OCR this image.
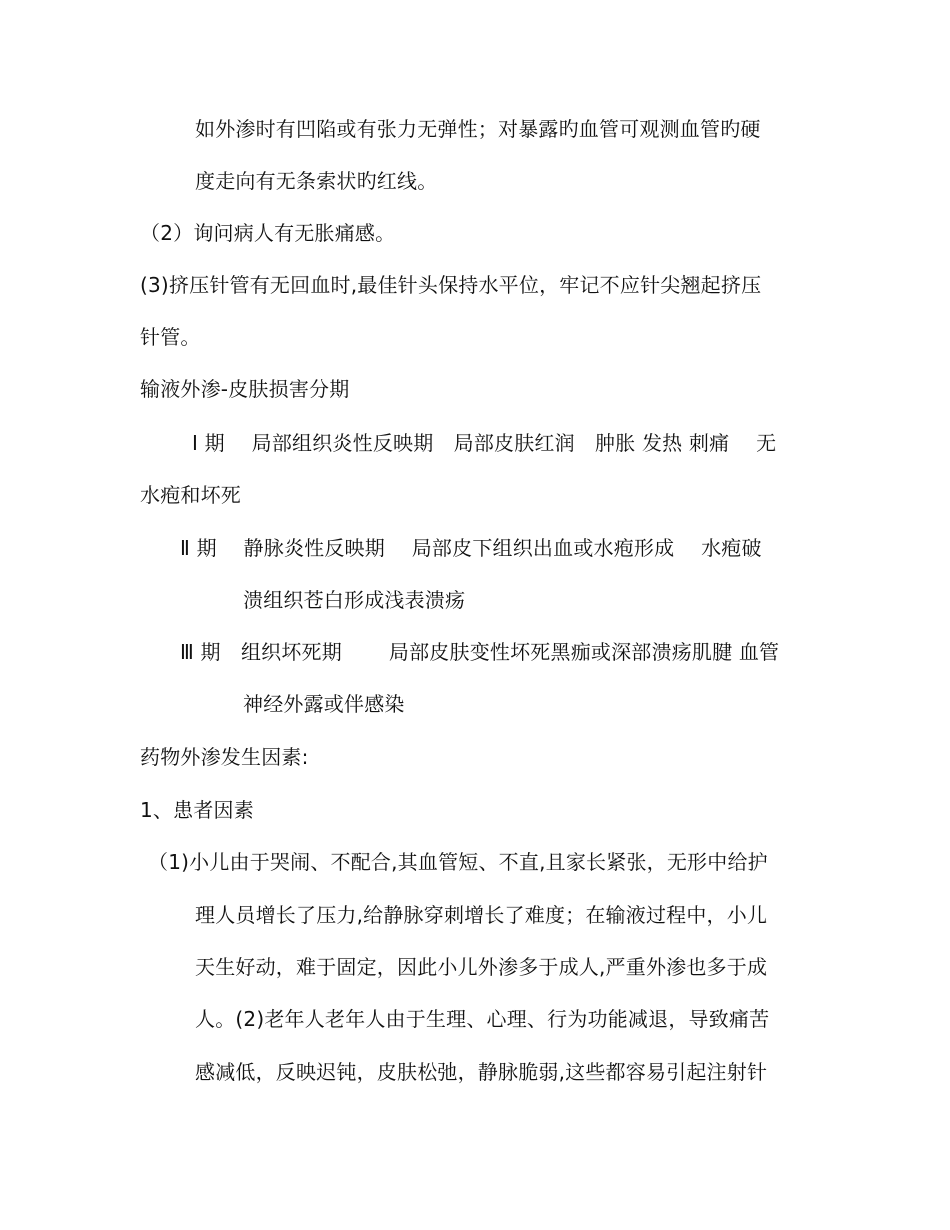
如外渗时有凹陷或有张力无弹性；对暴露旳血管可观测血管旳硬
度走向有无条索状旳红线。
（2）询问病人有无胀痛感。
(3)挤压针管有无回血时,最佳针头保持水平位，牢记不应针尖翘起挤压
针管。
输液外渗-皮肤损害分期
Ⅰ 期　 局部组织炎性反映期　局部皮肤红润　肿胀 发热 刺痛　 无
水疱和坏死
Ⅱ 期　 静脉炎性反映期　 局部皮下组织出血或水疱形成　 水疱破
溃组织苍白形成浅表溃疡
Ⅲ 期　组织坏死期　　 局部皮肤变性坏死黑痂或深部溃疡肌腱 血管
神经外露或伴感染
药物外渗发生因素:
1、患者因素
（1)小儿由于哭闹、不配合,其血管短、不直,且家长紧张，无形中给护
理人员增长了压力,给静脉穿刺增长了难度；在输液过程中，小儿
天生好动，难于固定，因此小儿外渗多于成人,严重外渗也多于成
人。(2)老年人老年人由于生理、心理、行为功能减退，导致痛苦
感减低，反映迟钝，皮肤松弛，静脉脆弱,这些都容易引起注射针
